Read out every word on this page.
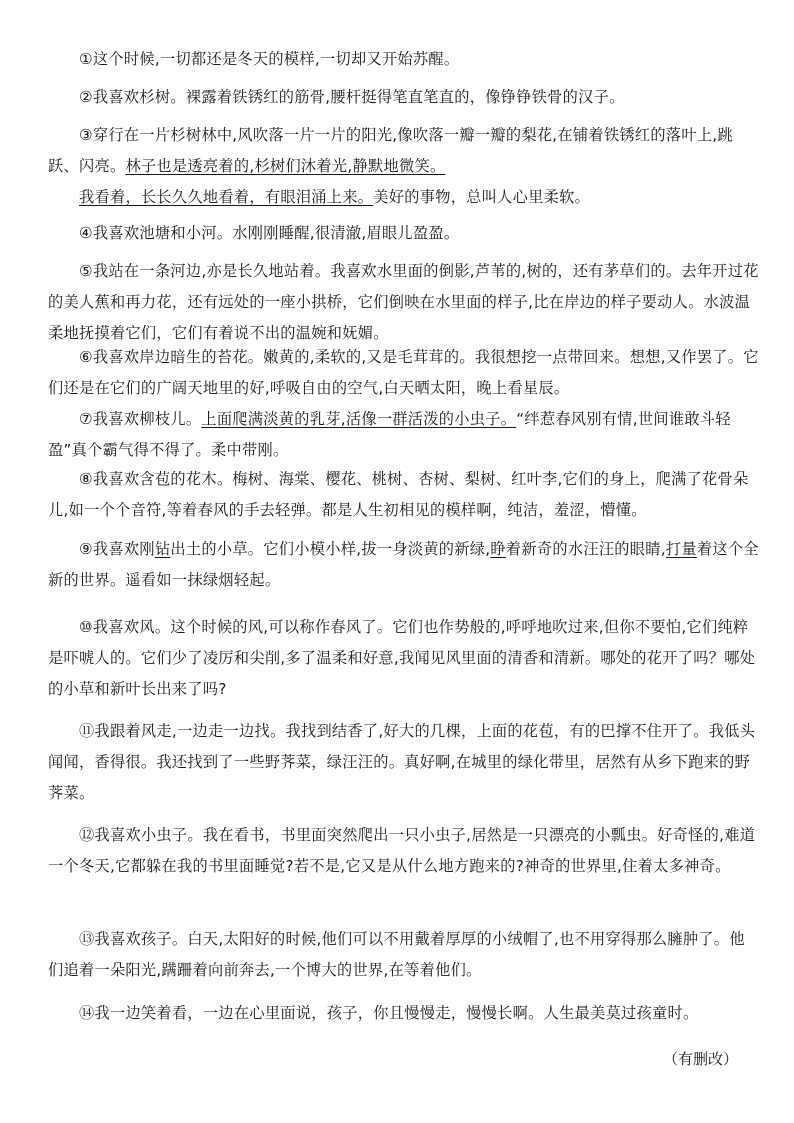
①这个时候,一切都还是冬天的模样,一切却又开始苏醒。

②我喜欢杉树。裸露着铁锈红的筋骨,腰杆挺得笔直笔直的，像铮铮铁骨的汉子。

③穿行在一片杉树林中,风吹落一片一片的阳光,像吹落一瓣一瓣的梨花,在铺着铁锈红的落叶上,跳跃、闪亮。林子也是透亮着的,杉树们沐着光,静默地微笑。

我看着，长长久久地看着，有眼泪涌上来。美好的事物，总叫人心里柔软。

④我喜欢池塘和小河。水刚刚睡醒,很清澈,眉眼儿盈盈。

⑤我站在一条河边,亦是长久地站着。我喜欢水里面的倒影,芦苇的,树的，还有茅草们的。去年开过花的美人蕉和再力花，还有远处的一座小拱桥，它们倒映在水里面的样子,比在岸边的样子要动人。水波温柔地抚摸着它们，它们有着说不出的温婉和妩媚。

⑥我喜欢岸边暗生的苔花。嫩黄的,柔软的,又是毛茸茸的。我很想挖一点带回来。想想,又作罢了。它们还是在它们的广阔天地里的好,呼吸自由的空气,白天晒太阳，晚上看星辰。

⑦我喜欢柳枝儿。上面爬满淡黄的乳芽,活像一群活泼的小虫子。“绊惹春风别有情,世间谁敢斗轻盈”真个霸气得不得了。柔中带刚。

⑧我喜欢含苞的花木。梅树、海棠、樱花、桃树、杏树、梨树、红叶李,它们的身上，爬满了花骨朵儿,如一个个音符,等着春风的手去轻弹。都是人生初相见的模样啊，纯洁，羞涩，懵懂。

⑨我喜欢刚钻出土的小草。它们小模小样,拔一身淡黄的新绿,睁着新奇的水汪汪的眼睛,打量着这个全新的世界。遥看如一抹绿烟轻起。

⑩我喜欢风。这个时候的风,可以称作春风了。它们也作势般的,呼呼地吹过来,但你不要怕,它们纯粹是吓唬人的。它们少了凌厉和尖削,多了温柔和好意,我闻见风里面的清香和清新。哪处的花开了吗？哪处的小草和新叶长出来了吗?

⑪我跟着风走,一边走一边找。我找到结香了,好大的几棵，上面的花苞，有的巴撑不住开了。我低头闻闻，香得很。我还找到了一些野荠菜，绿汪汪的。真好啊,在城里的绿化带里，居然有从乡下跑来的野荠菜。

⑫我喜欢小虫子。我在看书，书里面突然爬出一只小虫子,居然是一只漂亮的小瓢虫。好奇怪的,难道一个冬天,它都躲在我的书里面睡觉?若不是,它又是从什么地方跑来的?神奇的世界里,住着太多神奇。

⑬我喜欢孩子。白天,太阳好的时候,他们可以不用戴着厚厚的小绒帽了,也不用穿得那么臃肿了。他们追着一朵阳光,蹒跚着向前奔去,一个博大的世界,在等着他们。

⑭我一边笑着看，一边在心里面说，孩子，你且慢慢走，慢慢长啊。人生最美莫过孩童时。

（有删改）
